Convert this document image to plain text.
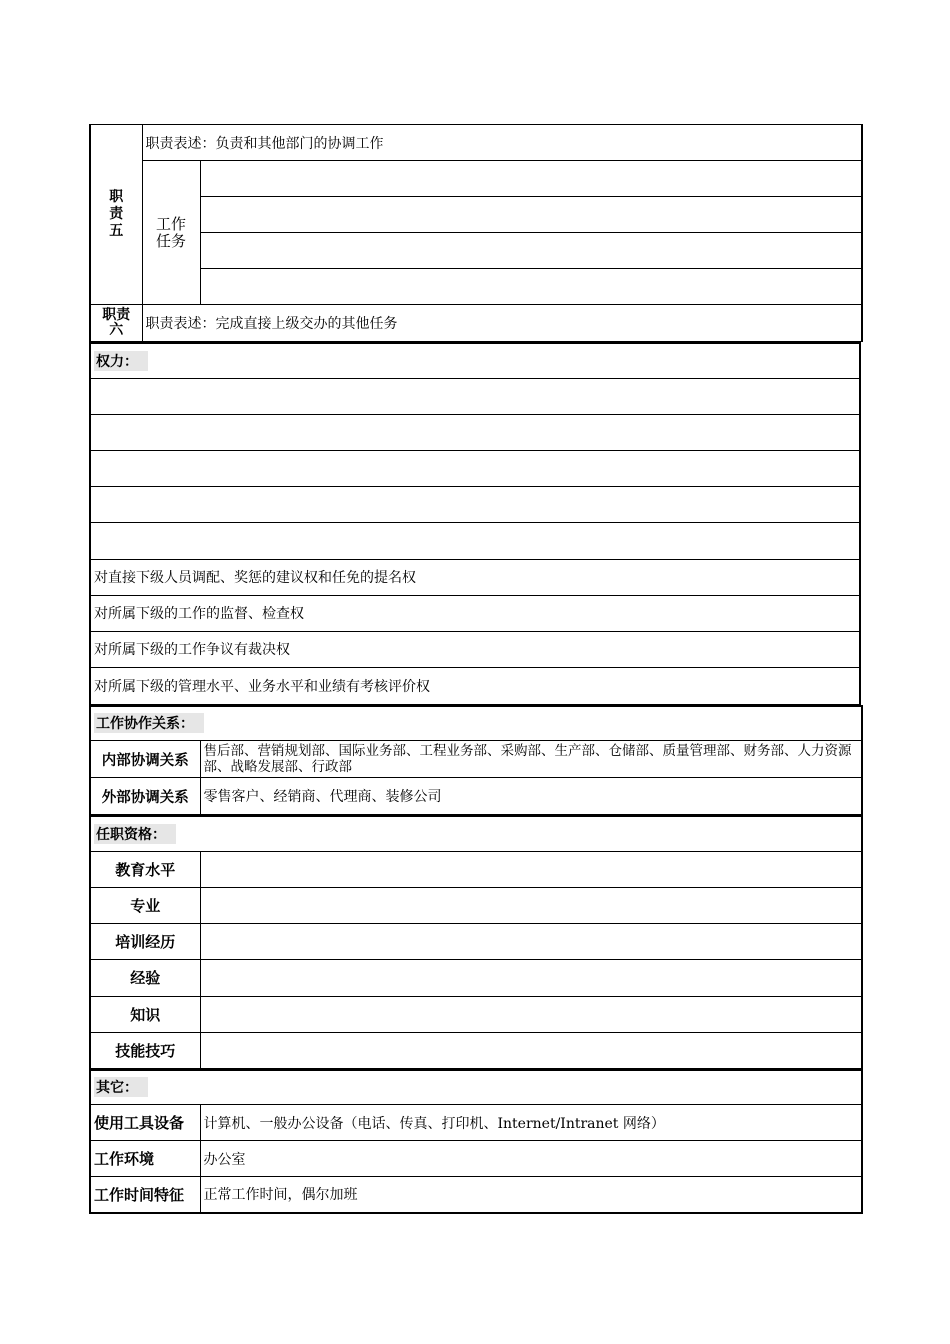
职
责
五	职责表述：负责和其他部门的协调工作	
	工作任务	

职责
六	职责表述：完成直接上级交办的其他任务	
权力：

对直接下级人员调配、奖惩的建议权和任免的提名权
对所属下级的工作的监督、检查权
对所属下级的工作争议有裁决权
对所属下级的管理水平、业务水平和业绩有考核评价权
工作协作关系：	
内部协调关系	售后部、营销规划部、国际业务部、工程业务部、采购部、生产部、仓储部、质量管理部、财务部、人力资源部、战略发展部、行政部
外部协调关系	零售客户、经销商、代理商、装修公司
任职资格：	
教育水平	
专业	
培训经历	
经验	
知识	
技能技巧	
其它：	
使用工具设备	计算机、一般办公设备（电话、传真、打印机、Internet/Intranet 网络）
工作环境	办公室
工作时间特征	正常工作时间，偶尔加班
